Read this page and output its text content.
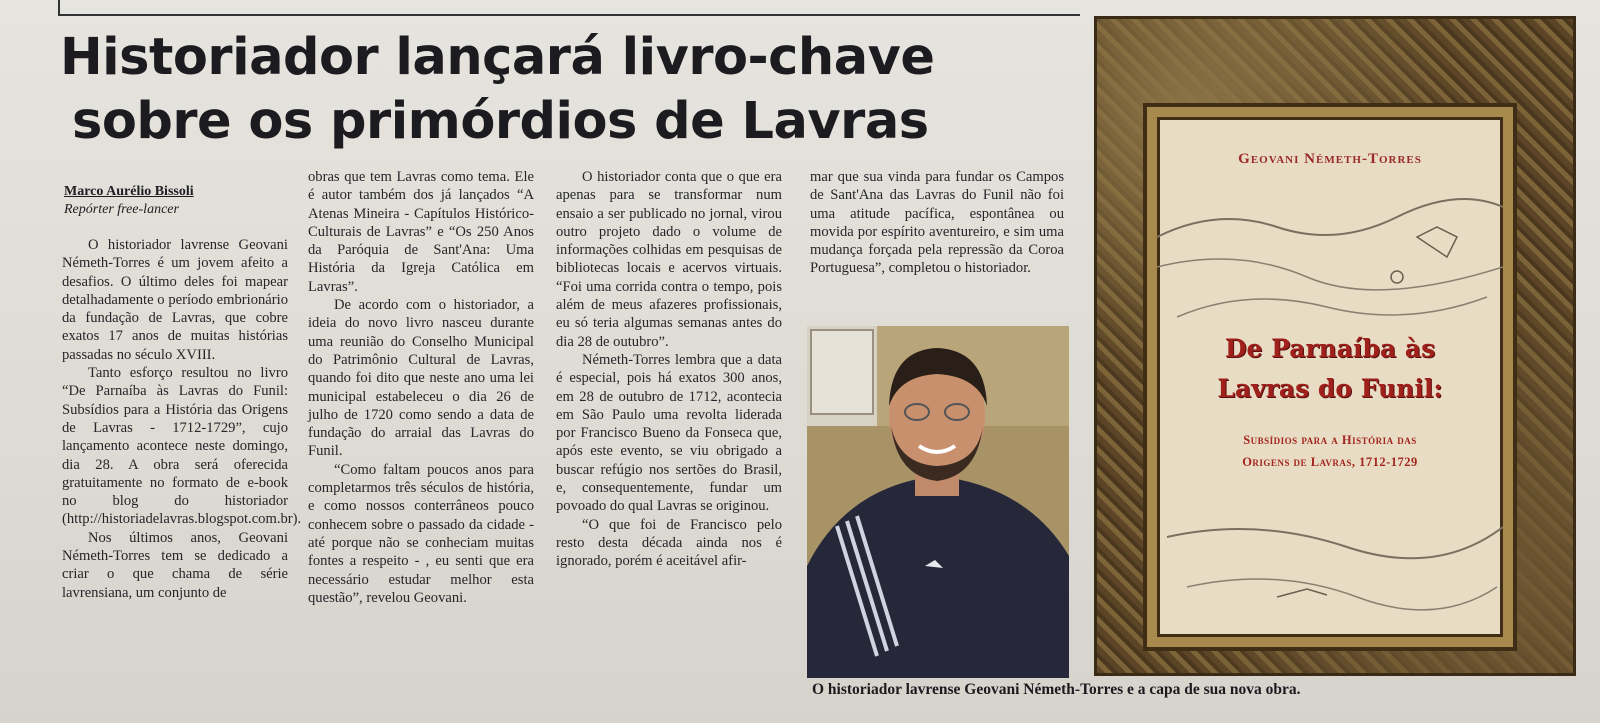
Historiador lançará livro-chave
sobre os primórdios de Lavras
Marco Aurélio Bissoli
Repórter free-lancer

O historiador lavrense Geovani Németh-Torres é um jovem afeito a desafios. O último deles foi mapear detalhadamente o período embrionário da fundação de Lavras, que cobre exatos 17 anos de muitas histórias passadas no século XVIII.

Tanto esforço resultou no livro “De Parnaíba às Lavras do Funil: Subsídios para a História das Origens de Lavras - 1712-1729”, cujo lançamento acontece neste domingo, dia 28. A obra será oferecida gratuitamente no formato de e-book no blog do historiador (http://historiadelavras.blogspot.com.br).

Nos últimos anos, Geovani Németh-Torres tem se dedicado a criar o que chama de série lavrensiana, um conjunto de

obras que tem Lavras como tema. Ele é autor também dos já lançados “A Atenas Mineira - Capítulos Histórico-Culturais de Lavras” e “Os 250 Anos da Paróquia de Sant'Ana: Uma História da Igreja Católica em Lavras”.

De acordo com o historiador, a ideia do novo livro nasceu durante uma reunião do Conselho Municipal do Patrimônio Cultural de Lavras, quando foi dito que neste ano uma lei municipal estabeleceu o dia 26 de julho de 1720 como sendo a data de fundação do arraial das Lavras do Funil.

“Como faltam poucos anos para completarmos três séculos de história, e como nossos conterrâneos pouco conhecem sobre o passado da cidade - até porque não se conheciam muitas fontes a respeito - , eu senti que era necessário estudar melhor esta questão”, revelou Geovani.

O historiador conta que o que era apenas para se transformar num ensaio a ser publicado no jornal, virou outro projeto dado o volume de informações colhidas em pesquisas de bibliotecas locais e acervos virtuais. “Foi uma corrida contra o tempo, pois além de meus afazeres profissionais, eu só teria algumas semanas antes do dia 28 de outubro”.

Németh-Torres lembra que a data é especial, pois há exatos 300 anos, em 28 de outubro de 1712, acontecia em São Paulo uma revolta liderada por Francisco Bueno da Fonseca que, após este evento, se viu obrigado a buscar refúgio nos sertões do Brasil, e, consequentemente, fundar um povoado do qual Lavras se originou.

“O que foi de Francisco pelo resto desta década ainda nos é ignorado, porém é aceitável afir-

mar que sua vinda para fundar os Campos de Sant'Ana das Lavras do Funil não foi uma atitude pacífica, espontânea ou movida por espírito aventureiro, e sim uma mudança forçada pela repressão da Coroa Portuguesa”, completou o historiador.

O historiador lavrense Geovani Németh-Torres e a capa de sua nova obra.
Geovani Németh-Torres
De Parnaíba às
Lavras do Funil:
Subsídios para a História das
Origens de Lavras, 1712-1729
